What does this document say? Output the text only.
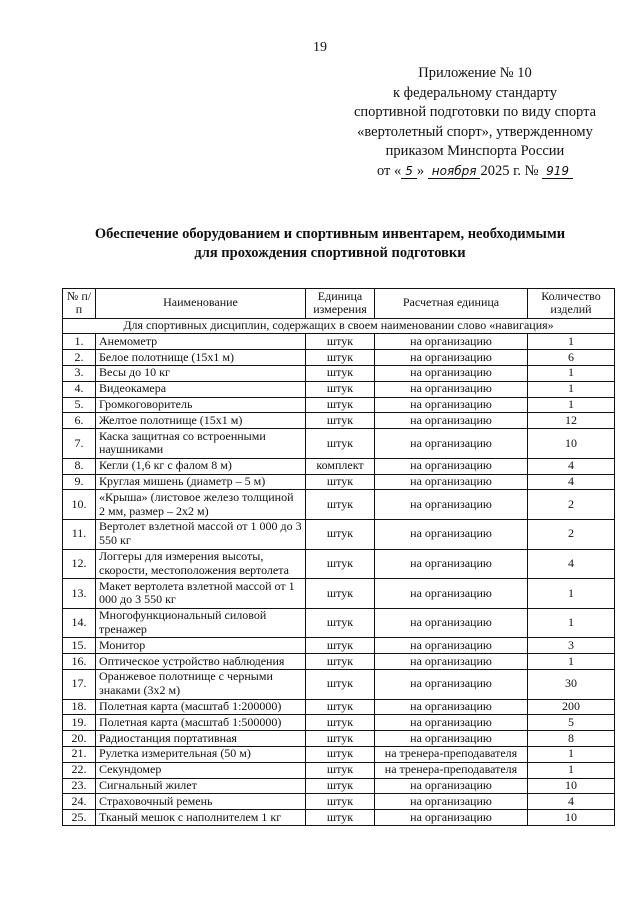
19
Приложение № 10
к федеральному стандарту
спортивной подготовки по виду спорта
«вертолетный спорт», утвержденному
приказом Минспорта России
от « 5 » ноября 2025 г. № 919
Обеспечение оборудованием и спортивным инвентарем, необходимыми
для прохождения спортивной подготовки
№ п/п	Наименование	Единица измерения	Расчетная единица	Количество изделий
Для спортивных дисциплин, содержащих в своем наименовании слово «навигация»				
1.	Анемометр	штук	на организацию	1
2.	Белое полотнище (15х1 м)	штук	на организацию	6
3.	Весы до 10 кг	штук	на организацию	1
4.	Видеокамера	штук	на организацию	1
5.	Громкоговоритель	штук	на организацию	1
6.	Желтое полотнище (15х1 м)	штук	на организацию	12
7.	Каска защитная со встроенными наушниками	штук	на организацию	10
8.	Кегли (1,6 кг с фалом 8 м)	комплект	на организацию	4
9.	Круглая мишень (диаметр – 5 м)	штук	на организацию	4
10.	«Крыша» (листовое железо толщиной 2 мм, размер – 2х2 м)	штук	на организацию	2
11.	Вертолет взлетной массой от 1 000 до 3 550 кг	штук	на организацию	2
12.	Логгеры для измерения высоты, скорости, местоположения вертолета	штук	на организацию	4
13.	Макет вертолета взлетной массой от 1 000 до 3 550 кг	штук	на организацию	1
14.	Многофункциональный силовой тренажер	штук	на организацию	1
15.	Монитор	штук	на организацию	3
16.	Оптическое устройство наблюдения	штук	на организацию	1
17.	Оранжевое полотнище с черными знаками (3х2 м)	штук	на организацию	30
18.	Полетная карта (масштаб 1:200000)	штук	на организацию	200
19.	Полетная карта (масштаб 1:500000)	штук	на организацию	5
20.	Радиостанция портативная	штук	на организацию	8
21.	Рулетка измерительная (50 м)	штук	на тренера-преподавателя	1
22.	Секундомер	штук	на тренера-преподавателя	1
23.	Сигнальный жилет	штук	на организацию	10
24.	Страховочный ремень	штук	на организацию	4
25.	Тканый мешок с наполнителем 1 кг	штук	на организацию	10
